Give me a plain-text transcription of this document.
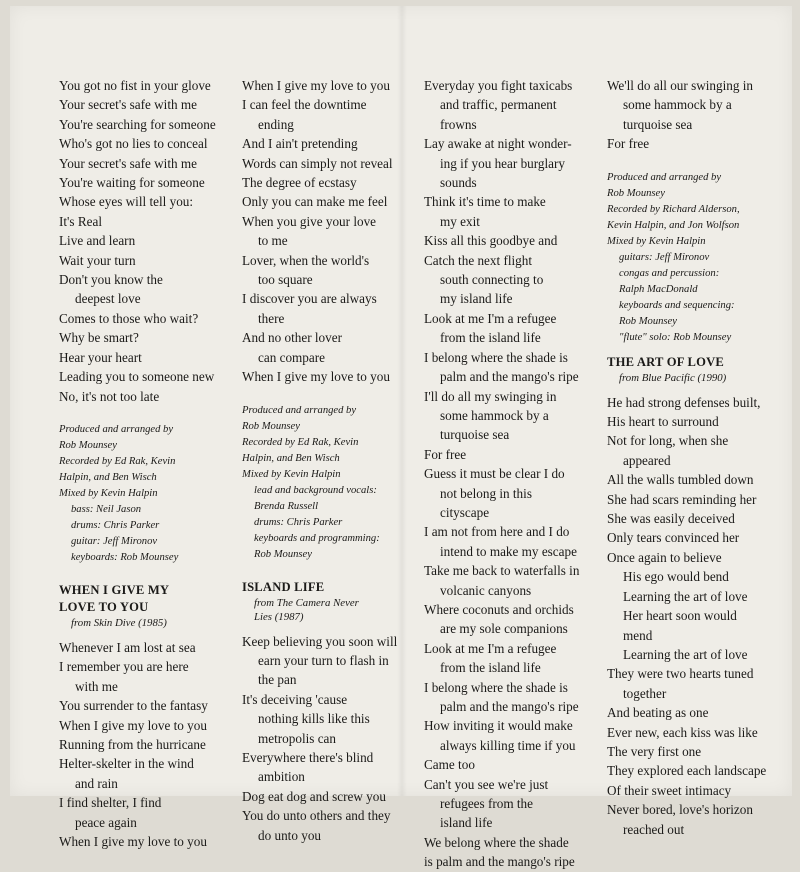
You got no fist in your glove
Your secret's safe with me
You're searching for someone
Who's got no lies to conceal
Your secret's safe with me
You're waiting for someone
Whose eyes will tell you:
It's Real
Live and learn
Wait your turn
Don't you know the
deepest love
Comes to those who wait?
Why be smart?
Hear your heart
Leading you to someone new
No, it's not too late
Produced and arranged by
Rob Mounsey
Recorded by Ed Rak, Kevin
Halpin, and Ben Wisch
Mixed by Kevin Halpin
bass: Neil Jason
drums: Chris Parker
guitar: Jeff Mironov
keyboards: Rob Mounsey
WHEN I GIVE MY
LOVE TO YOU
from Skin Dive (1985)
Whenever I am lost at sea
I remember you are here
with me
You surrender to the fantasy
When I give my love to you
Running from the hurricane
Helter-skelter in the wind
and rain
I find shelter, I find
peace again
When I give my love to you
When I give my love to you
I can feel the downtime
ending
And I ain't pretending
Words can simply not reveal
The degree of ecstasy
Only you can make me feel
When you give your love
to me
Lover, when the world's
too square
I discover you are always
there
And no other lover
can compare
When I give my love to you
Produced and arranged by
Rob Mounsey
Recorded by Ed Rak, Kevin
Halpin, and Ben Wisch
Mixed by Kevin Halpin
lead and background vocals:
Brenda Russell
drums: Chris Parker
keyboards and programming:
Rob Mounsey
ISLAND LIFE
from The Camera Never
Lies (1987)
Keep believing you soon will
earn your turn to flash in
the pan
It's deceiving 'cause
nothing kills like this
metropolis can
Everywhere there's blind
ambition
Dog eat dog and screw you
You do unto others and they
do unto you
Everyday you fight taxicabs
and traffic, permanent
frowns
Lay awake at night wonder-
ing if you hear burglary
sounds
Think it's time to make
my exit
Kiss all this goodbye and
Catch the next flight
south connecting to
my island life
Look at me I'm a refugee
from the island life
I belong where the shade is
palm and the mango's ripe
I'll do all my swinging in
some hammock by a
turquoise sea
For free
Guess it must be clear I do
not belong in this
cityscape
I am not from here and I do
intend to make my escape
Take me back to waterfalls in
volcanic canyons
Where coconuts and orchids
are my sole companions
Look at me I'm a refugee
from the island life
I belong where the shade is
palm and the mango's ripe
How inviting it would make
always killing time if you
Came too
Can't you see we're just
refugees from the
island life
We belong where the shade
is palm and the mango's ripe
We'll do all our swinging in
some hammock by a
turquoise sea
For free
Produced and arranged by
Rob Mounsey
Recorded by Richard Alderson,
Kevin Halpin, and Jon Wolfson
Mixed by Kevin Halpin
guitars: Jeff Mironov
congas and percussion:
Ralph MacDonald
keyboards and sequencing:
Rob Mounsey
"flute" solo: Rob Mounsey
THE ART OF LOVE
from Blue Pacific (1990)
He had strong defenses built,
His heart to surround
Not for long, when she
appeared
All the walls tumbled down
She had scars reminding her
She was easily deceived
Only tears convinced her
Once again to believe
His ego would bend
Learning the art of love
Her heart soon would
mend
Learning the art of love
They were two hearts tuned
together
And beating as one
Ever new, each kiss was like
The very first one
They explored each landscape
Of their sweet intimacy
Never bored, love's horizon
reached out
